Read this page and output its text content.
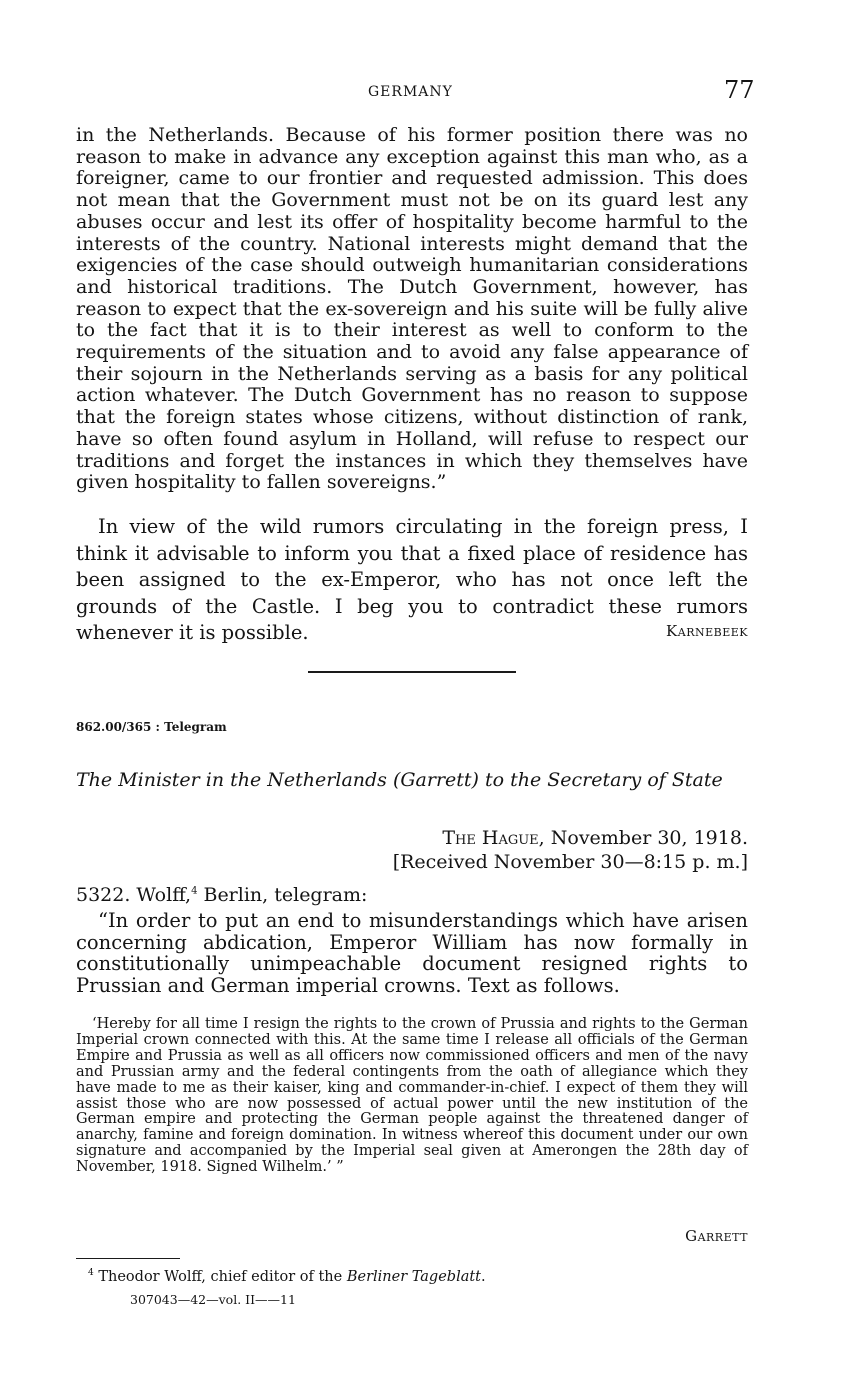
GERMANY	77

in the Netherlands. Because of his former position there was no reason to make in advance any exception against this man who, as a foreigner, came to our frontier and requested admission. This does not mean that the Government must not be on its guard lest any abuses occur and lest its offer of hospitality become harmful to the interests of the country. National interests might demand that the exigencies of the case should outweigh humanitarian considerations and historical traditions. The Dutch Government, however, has reason to expect that the ex-sovereign and his suite will be fully alive to the fact that it is to their interest as well to conform to the requirements of the situation and to avoid any false appearance of their sojourn in the Netherlands serving as a basis for any political action whatever. The Dutch Government has no reason to suppose that the foreign states whose citizens, without distinction of rank, have so often found asylum in Holland, will refuse to respect our traditions and forget the instances in which they themselves have given hospitality to fallen sovereigns.”

In view of the wild rumors circulating in the foreign press, I think it advisable to inform you that a fixed place of residence has been assigned to the ex-Emperor, who has not once left the grounds of the Castle. I beg you to contradict these rumors whenever it is possible.	Karnebeek
862.00/365 : Telegram
The Minister in the Netherlands (Garrett) to the Secretary of State
The Hague, November 30, 1918.
[Received November 30—8:15 p. m.]
5322. Wolff,$^4$ Berlin, telegram:

“In order to put an end to misunderstandings which have arisen concerning abdication, Emperor William has now formally in constitutionally unimpeachable document resigned rights to Prussian and German imperial crowns. Text as follows.

‘Hereby for all time I resign the rights to the crown of Prussia and rights to the German Imperial crown connected with this. At the same time I release all officials of the German Empire and Prussia as well as all officers now commissioned officers and men of the navy and Prussian army and the federal contingents from the oath of allegiance which they have made to me as their kaiser, king and commander-in-chief. I expect of them they will assist those who are now possessed of actual power until the new institution of the German empire and protecting the German people against the threatened danger of anarchy, famine and foreign domination. In witness whereof this document under our own signature and accompanied by the Imperial seal given at Amerongen the 28th day of November, 1918. Signed Wilhelm.’ ”

Garrett
$^4$ Theodor Wolff, chief editor of the Berliner Tageblatt.
307043—42—vol. II——11
